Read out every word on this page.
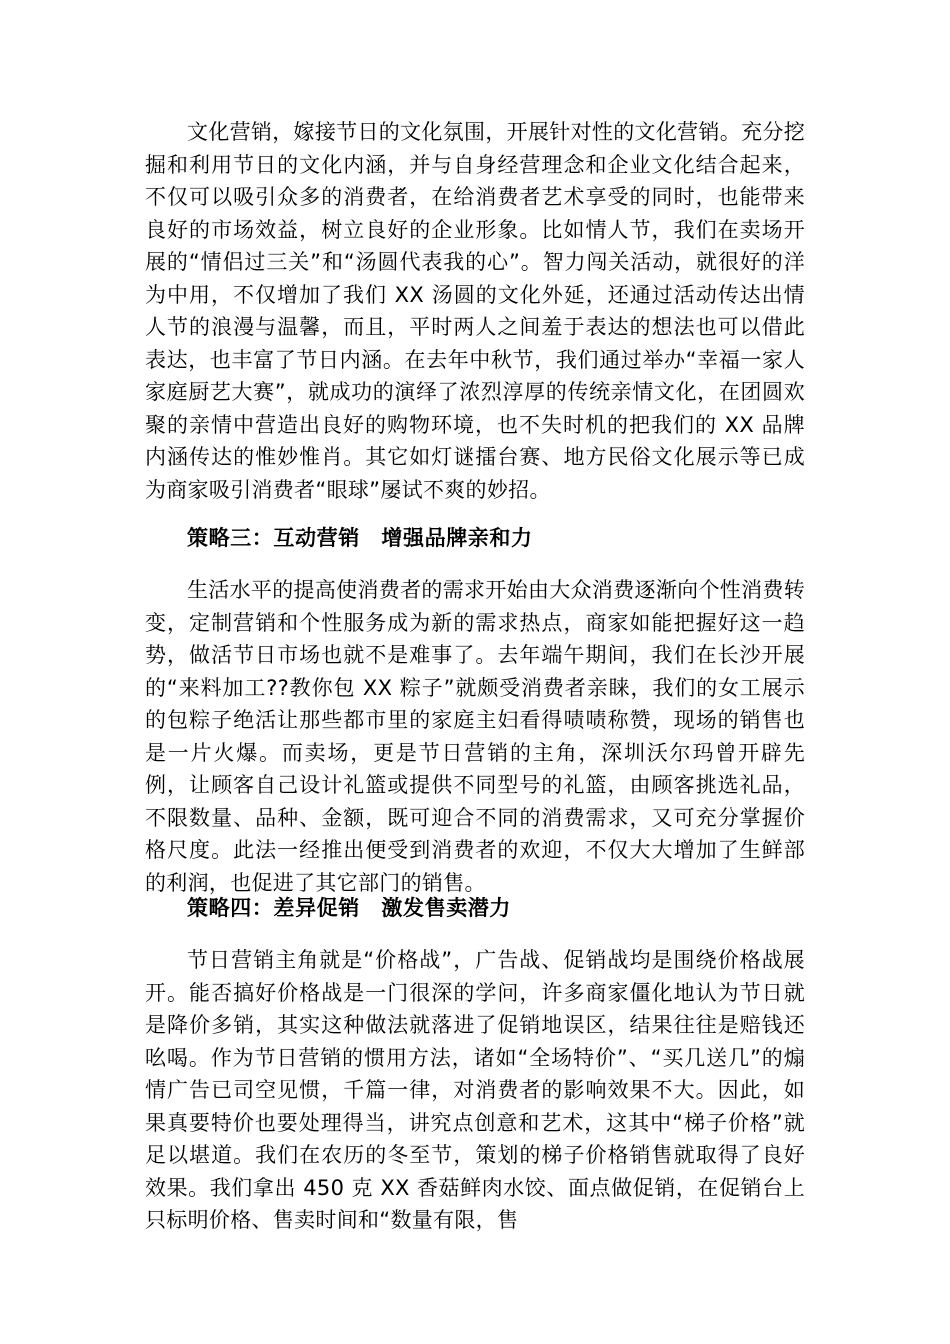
文化营销，嫁接节日的文化氛围，开展针对性的文化营销。充分挖掘和利用节日的文化内涵，并与自身经营理念和企业文化结合起来，不仅可以吸引众多的消费者，在给消费者艺术享受的同时，也能带来良好的市场效益，树立良好的企业形象。比如情人节，我们在卖场开展的“情侣过三关”和“汤圆代表我的心”。智力闯关活动，就很好的洋为中用，不仅增加了我们 XX 汤圆的文化外延，还通过活动传达出情人节的浪漫与温馨，而且，平时两人之间羞于表达的想法也可以借此表达，也丰富了节日内涵。在去年中秋节，我们通过举办“幸福一家人家庭厨艺大赛”，就成功的演绎了浓烈淳厚的传统亲情文化，在团圆欢聚的亲情中营造出良好的购物环境，也不失时机的把我们的 XX 品牌内涵传达的惟妙惟肖。其它如灯谜擂台赛、地方民俗文化展示等已成为商家吸引消费者“眼球”屡试不爽的妙招。

策略三：互动营销　增强品牌亲和力

生活水平的提高使消费者的需求开始由大众消费逐渐向个性消费转变，定制营销和个性服务成为新的需求热点，商家如能把握好这一趋势，做活节日市场也就不是难事了。去年端午期间，我们在长沙开展的“来料加工??教你包 XX 粽子”就颇受消费者亲睐，我们的女工展示的包粽子绝活让那些都市里的家庭主妇看得啧啧称赞，现场的销售也是一片火爆。而卖场，更是节日营销的主角，深圳沃尔玛曾开辟先例，让顾客自己设计礼篮或提供不同型号的礼篮，由顾客挑选礼品，不限数量、品种、金额，既可迎合不同的消费需求，又可充分掌握价格尺度。此法一经推出便受到消费者的欢迎，不仅大大增加了生鲜部的利润，也促进了其它部门的销售。

策略四：差异促销　激发售卖潜力

节日营销主角就是“价格战”，广告战、促销战均是围绕价格战展开。能否搞好价格战是一门很深的学问，许多商家僵化地认为节日就是降价多销，其实这种做法就落进了促销地误区，结果往往是赔钱还吆喝。作为节日营销的惯用方法，诸如“全场特价”、“买几送几”的煽情广告已司空见惯，千篇一律，对消费者的影响效果不大。因此，如果真要特价也要处理得当，讲究点创意和艺术，这其中“梯子价格”就足以堪道。我们在农历的冬至节，策划的梯子价格销售就取得了良好效果。我们拿出 450 克 XX 香菇鲜肉水饺、面点做促销，在促销台上只标明价格、售卖时间和“数量有限，售
